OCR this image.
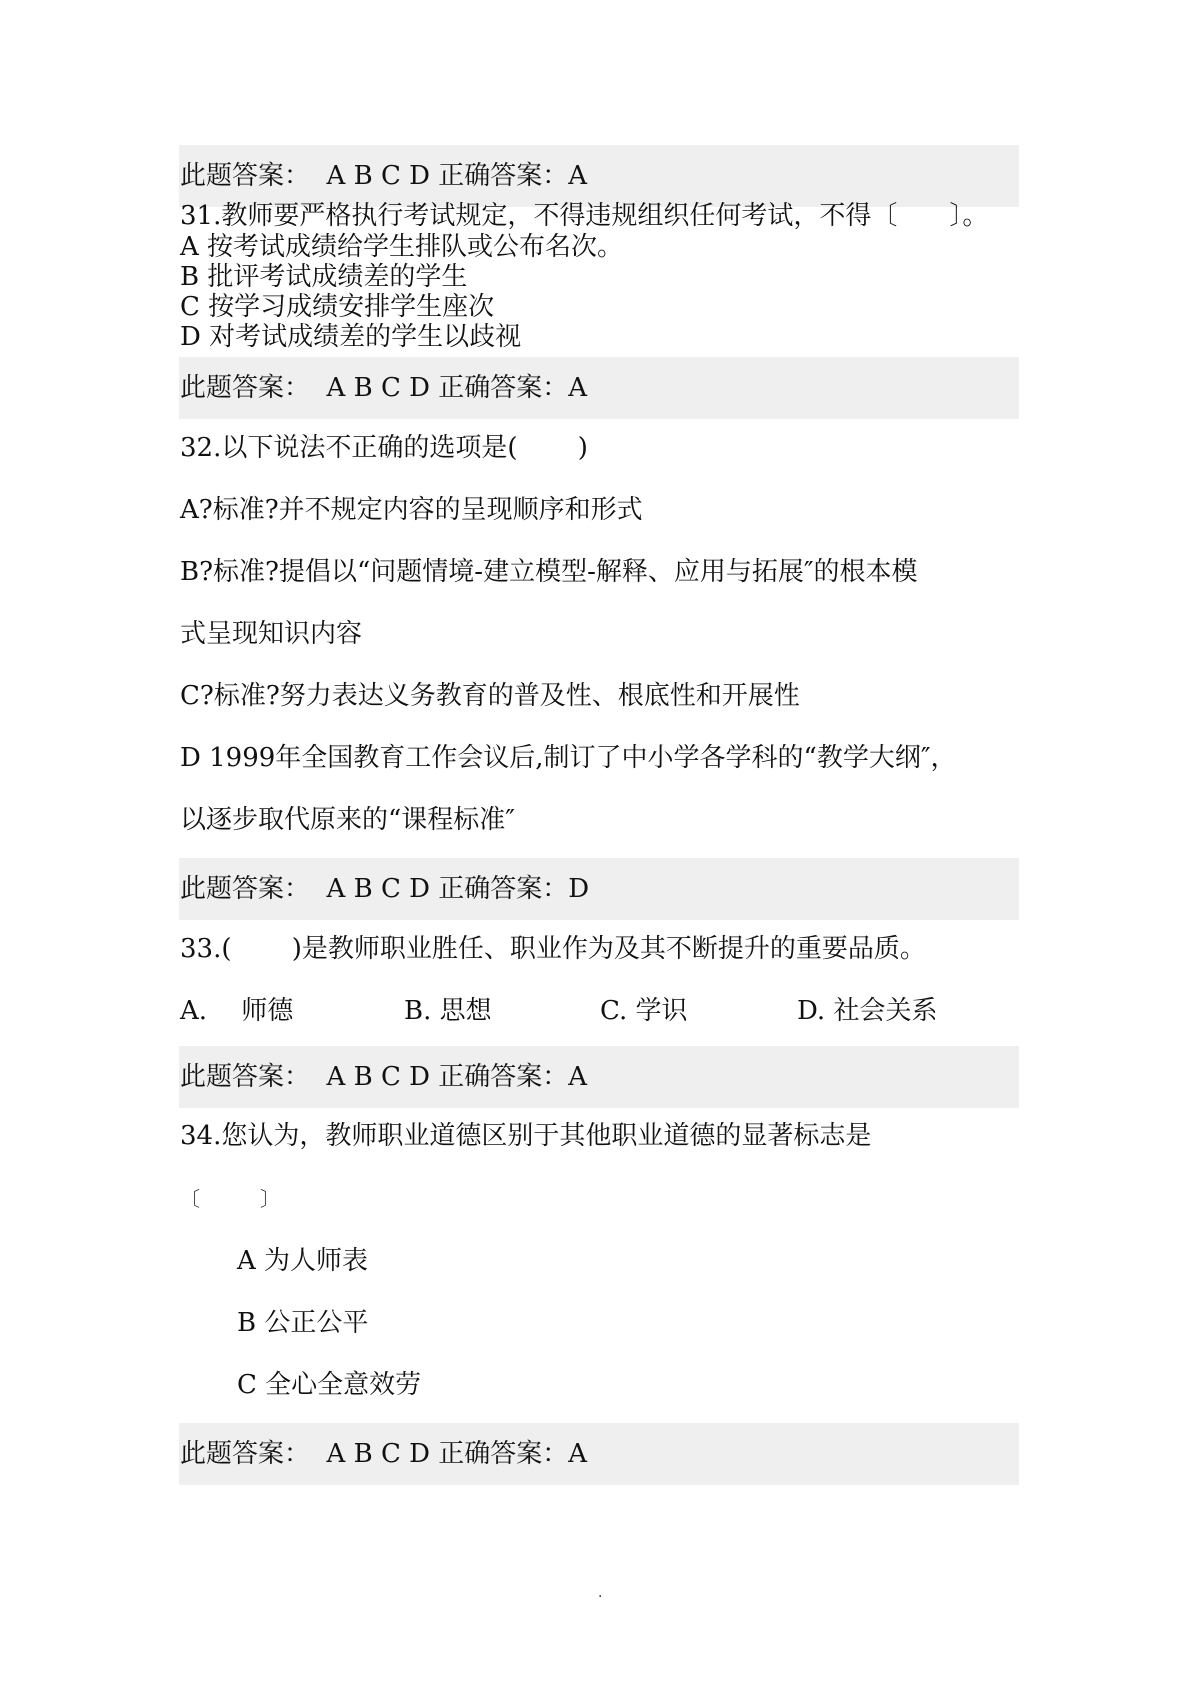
此题答案： A B C D 正确答案：A
31.教师要严格执行考试规定，不得违规组织任何考试，不得〔　　〕。
A 按考试成绩给学生排队或公布名次。
B 批评考试成绩差的学生
C 按学习成绩安排学生座次
D 对考试成绩差的学生以歧视
此题答案： A B C D 正确答案：A
32.以下说法不正确的选项是(　　 )
A?标准?并不规定内容的呈现顺序和形式
B?标准?提倡以“问题情境-建立模型-解释、应用与拓展″的根本模
式呈现知识内容
C?标准?努力表达义务教育的普及性、根底性和开展性
D 1999年全国教育工作会议后,制订了中小学各学科的“教学大纲″，
以逐步取代原来的“课程标准″
此题答案： A B C D 正确答案：D
33.(　　 )是教师职业胜任、职业作为及其不断提升的重要品质。
A.　 师德	B. 思想	C. 学识	D. 社会关系
此题答案： A B C D 正确答案：A
34.您认为，教师职业道德区别于其他职业道德的显著标志是
〔　　　〕
A 为人师表
B 公正公平
C 全心全意效劳
此题答案： A B C D 正确答案：A
.
